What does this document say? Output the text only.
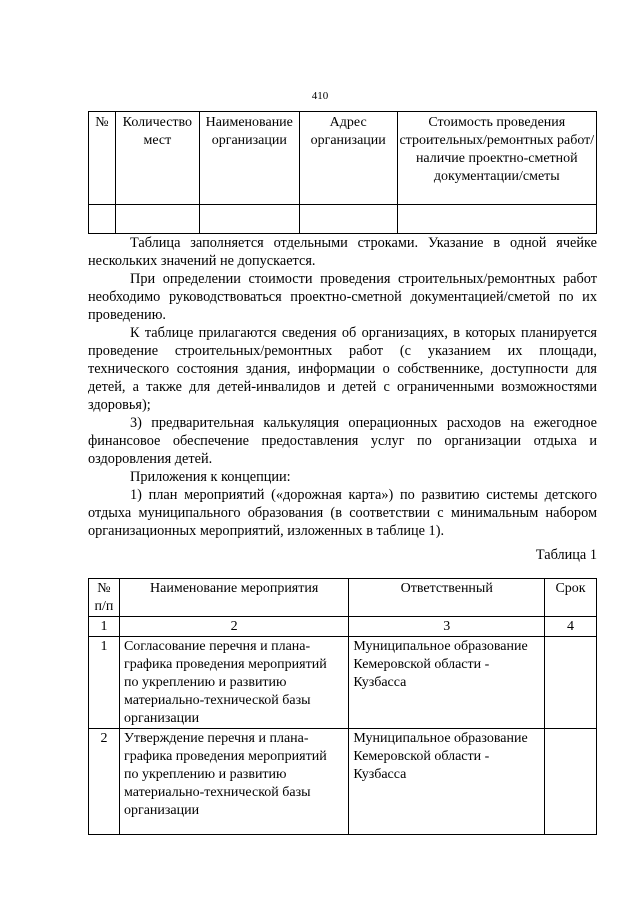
410
№	Количество мест	Наименование организации	Адрес организации	Стоимость проведения строительных/ремонтных работ/наличие проектно-сметной документации/сметы

Таблица заполняется отдельными строками. Указание в одной ячейке нескольких значений не допускается.

При определении стоимости проведения строительных/ремонтных работ необходимо руководствоваться проектно-сметной документацией/сметой по их проведению.

К таблице прилагаются сведения об организациях, в которых планируется проведение строительных/ремонтных работ (с указанием их площади, технического состояния здания, информации о собственнике, доступности для детей, а также для детей-инвалидов и детей с ограниченными возможностями здоровья);

3) предварительная калькуляция операционных расходов на ежегодное финансовое обеспечение предоставления услуг по организации отдыха и оздоровления детей.

Приложения к концепции:

1) план мероприятий («дорожная карта») по развитию системы детского отдыха муниципального образования (в соответствии с минимальным набором организационных мероприятий, изложенных в таблице 1).

Таблица 1
№ п/п	Наименование мероприятия	Ответственный	Срок
1	2	3	4
1	Согласование перечня и плана-графика проведения мероприятий по укреплению и развитию материально-технической базы организации	Муниципальное образование Кемеровской области - Кузбасса	
2	Утверждение перечня и плана-графика проведения мероприятий по укреплению и развитию материально-технической базы организации	Муниципальное образование Кемеровской области - Кузбасса	
